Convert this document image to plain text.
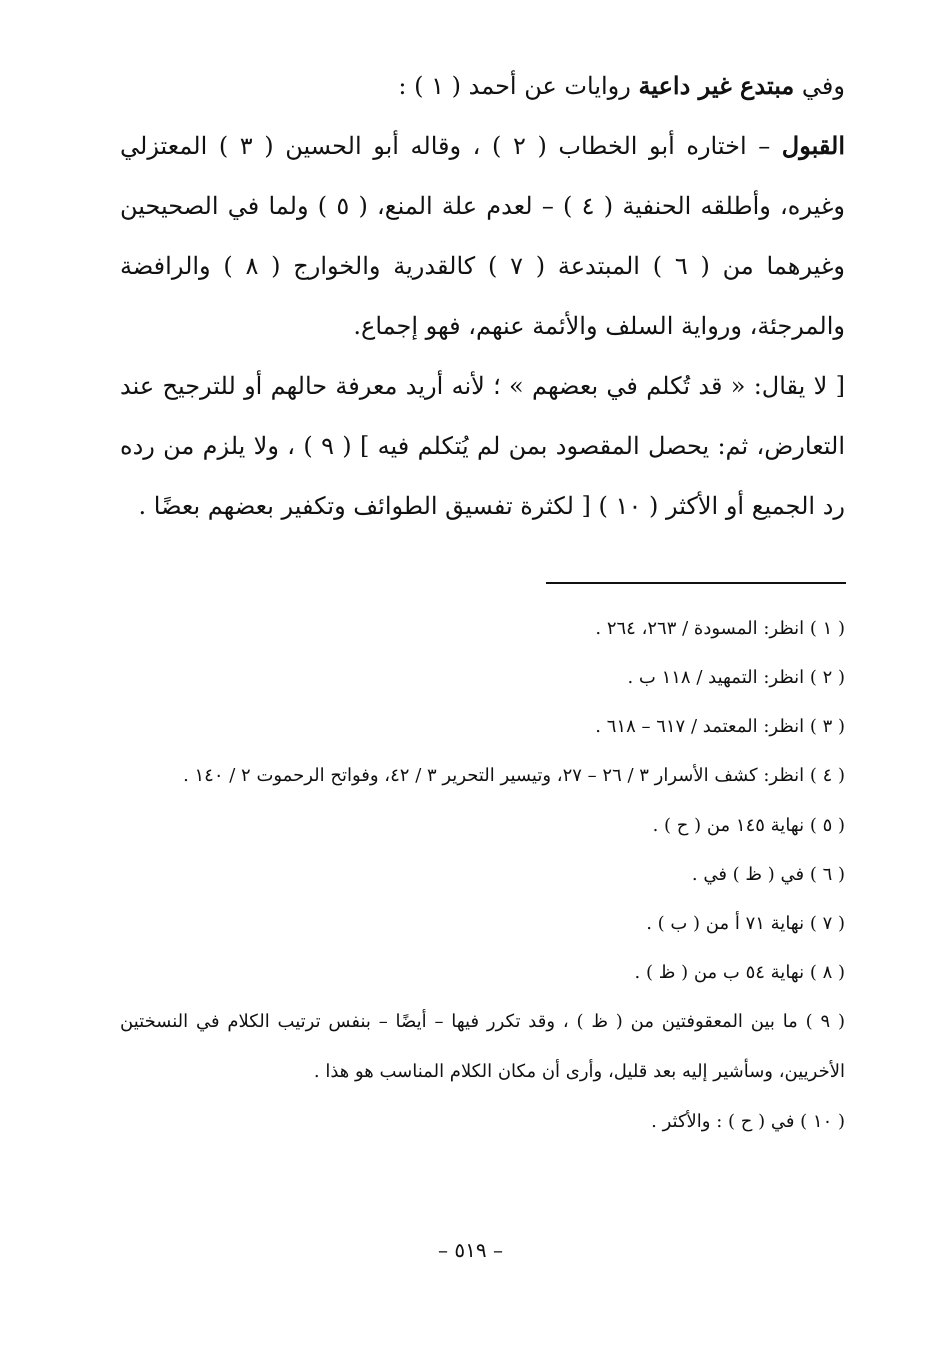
وفي مبتدع غير داعية روايات عن أحمد ( ١ ) :

القبول – اختاره أبو الخطاب ( ٢ ) ، وقاله أبو الحسين ( ٣ ) المعتزلي وغيره، وأطلقه الحنفية ( ٤ ) – لعدم علة المنع، ( ٥ ) ولما في الصحيحين وغيرهما من ( ٦ ) المبتدعة ( ٧ ) كالقدرية والخوارج ( ٨ ) والرافضة والمرجئة، ورواية السلف والأئمة عنهم، فهو إجماع.

[ لا يقال: « قد تُكلم في بعضهم » ؛ لأنه أريد معرفة حالهم أو للترجيح عند التعارض، ثم: يحصل المقصود بمن لم يُتكلم فيه ] ( ٩ ) ، ولا يلزم من رده رد الجميع أو الأكثر ( ١٠ ) [ لكثرة تفسيق الطوائف وتكفير بعضهم بعضًا .

( ١ ) انظر: المسودة / ٢٦٣، ٢٦٤ .

( ٢ ) انظر: التمهيد / ١١٨ ب .

( ٣ ) انظر: المعتمد / ٦١٧ – ٦١٨ .

( ٤ ) انظر: كشف الأسرار ٣ / ٢٦ – ٢٧، وتيسير التحرير ٣ / ٤٢، وفواتح الرحموت ٢ / ١٤٠ .

( ٥ ) نهاية ١٤٥ من ( ح ) .

( ٦ ) في ( ظ ) في .

( ٧ ) نهاية ٧١ أ من ( ب ) .

( ٨ ) نهاية ٥٤ ب من ( ظ ) .

( ٩ ) ما بين المعقوفتين من ( ظ ) ، وقد تكرر فيها – أيضًا – بنفس ترتيب الكلام في النسختين الأخريين، وسأشير إليه بعد قليل، وأرى أن مكان الكلام المناسب هو هذا .

( ١٠ ) في ( ح ) : والأكثر .

– ٥١٩ –
